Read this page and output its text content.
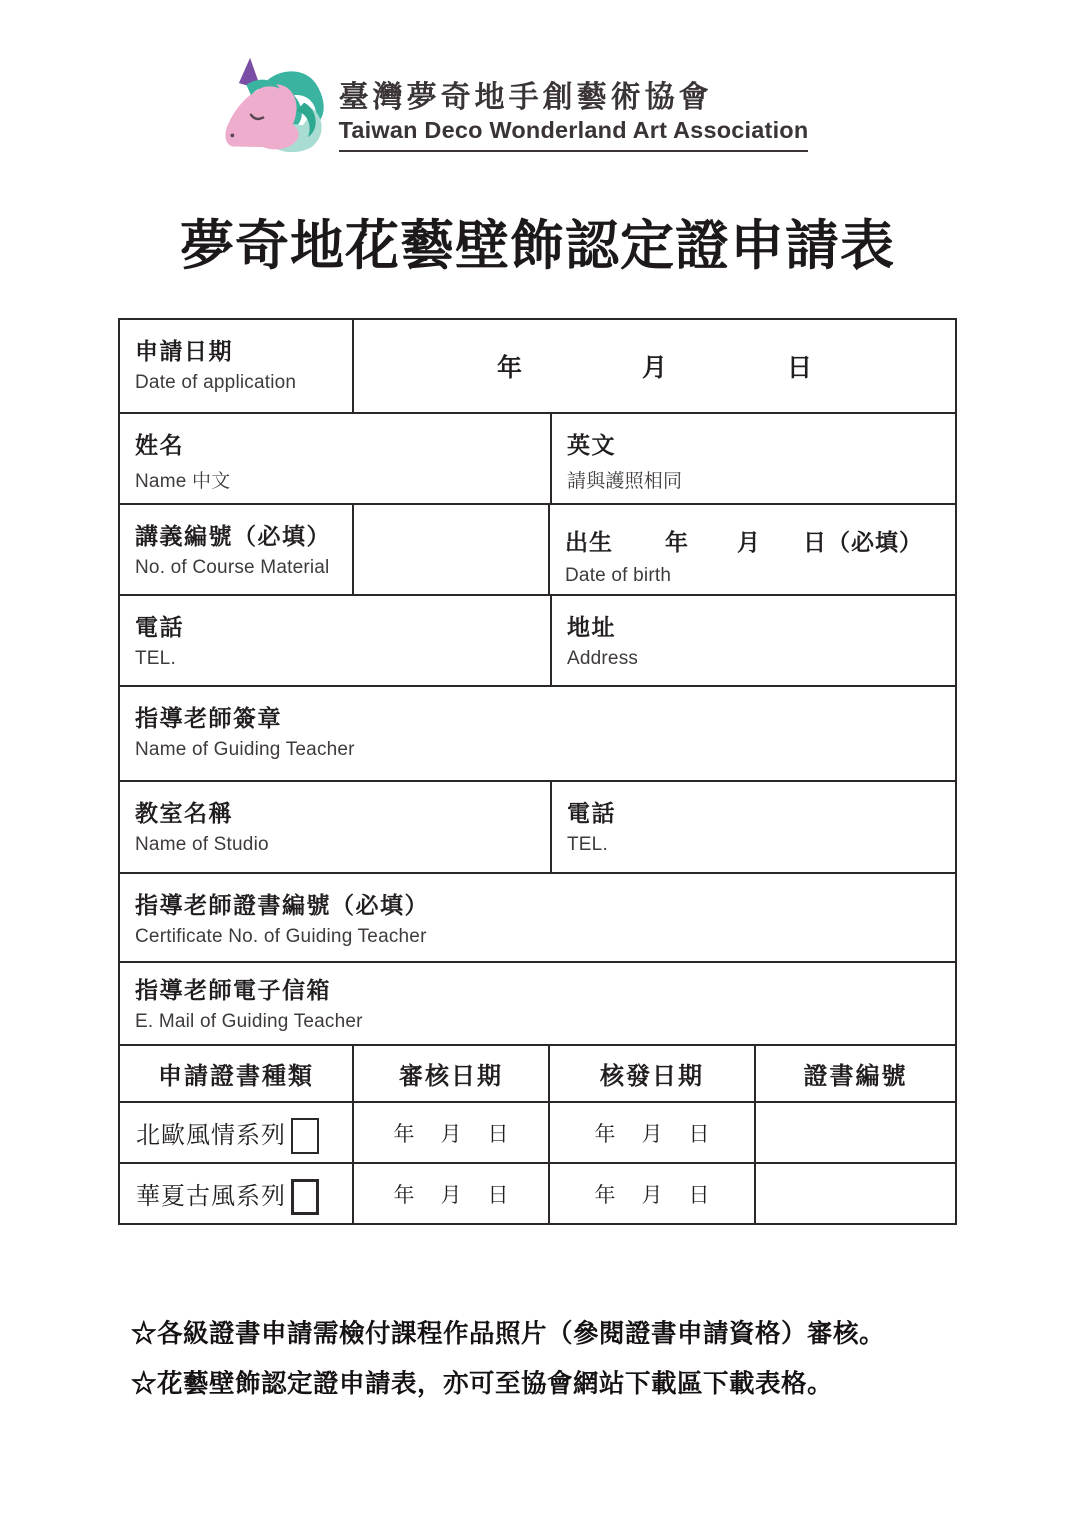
臺灣夢奇地手創藝術協會
Taiwan Deco Wonderland Art Association
夢奇地花藝壁飾認定證申請表
申請日期
Date of application
年	月	日
姓名
Name 中文
英文
請與護照相同
講義編號（必填）
No. of Course Material
出生 年 月 日（必填）
Date of birth
電話
TEL.
地址
Address
指導老師簽章
Name of Guiding Teacher
教室名稱
Name of Studio
電話
TEL.
指導老師證書編號（必填）
Certificate No. of Guiding Teacher
指導老師電子信箱
E. Mail of Guiding Teacher
申請證書種類	審核日期	核發日期	證書編號
北歐風情系列	年 月 日	年 月 日
華夏古風系列	年 月 日	年 月 日
☆各級證書申請需檢付課程作品照片（參閱證書申請資格）審核。
☆花藝壁飾認定證申請表，亦可至協會網站下載區下載表格。
